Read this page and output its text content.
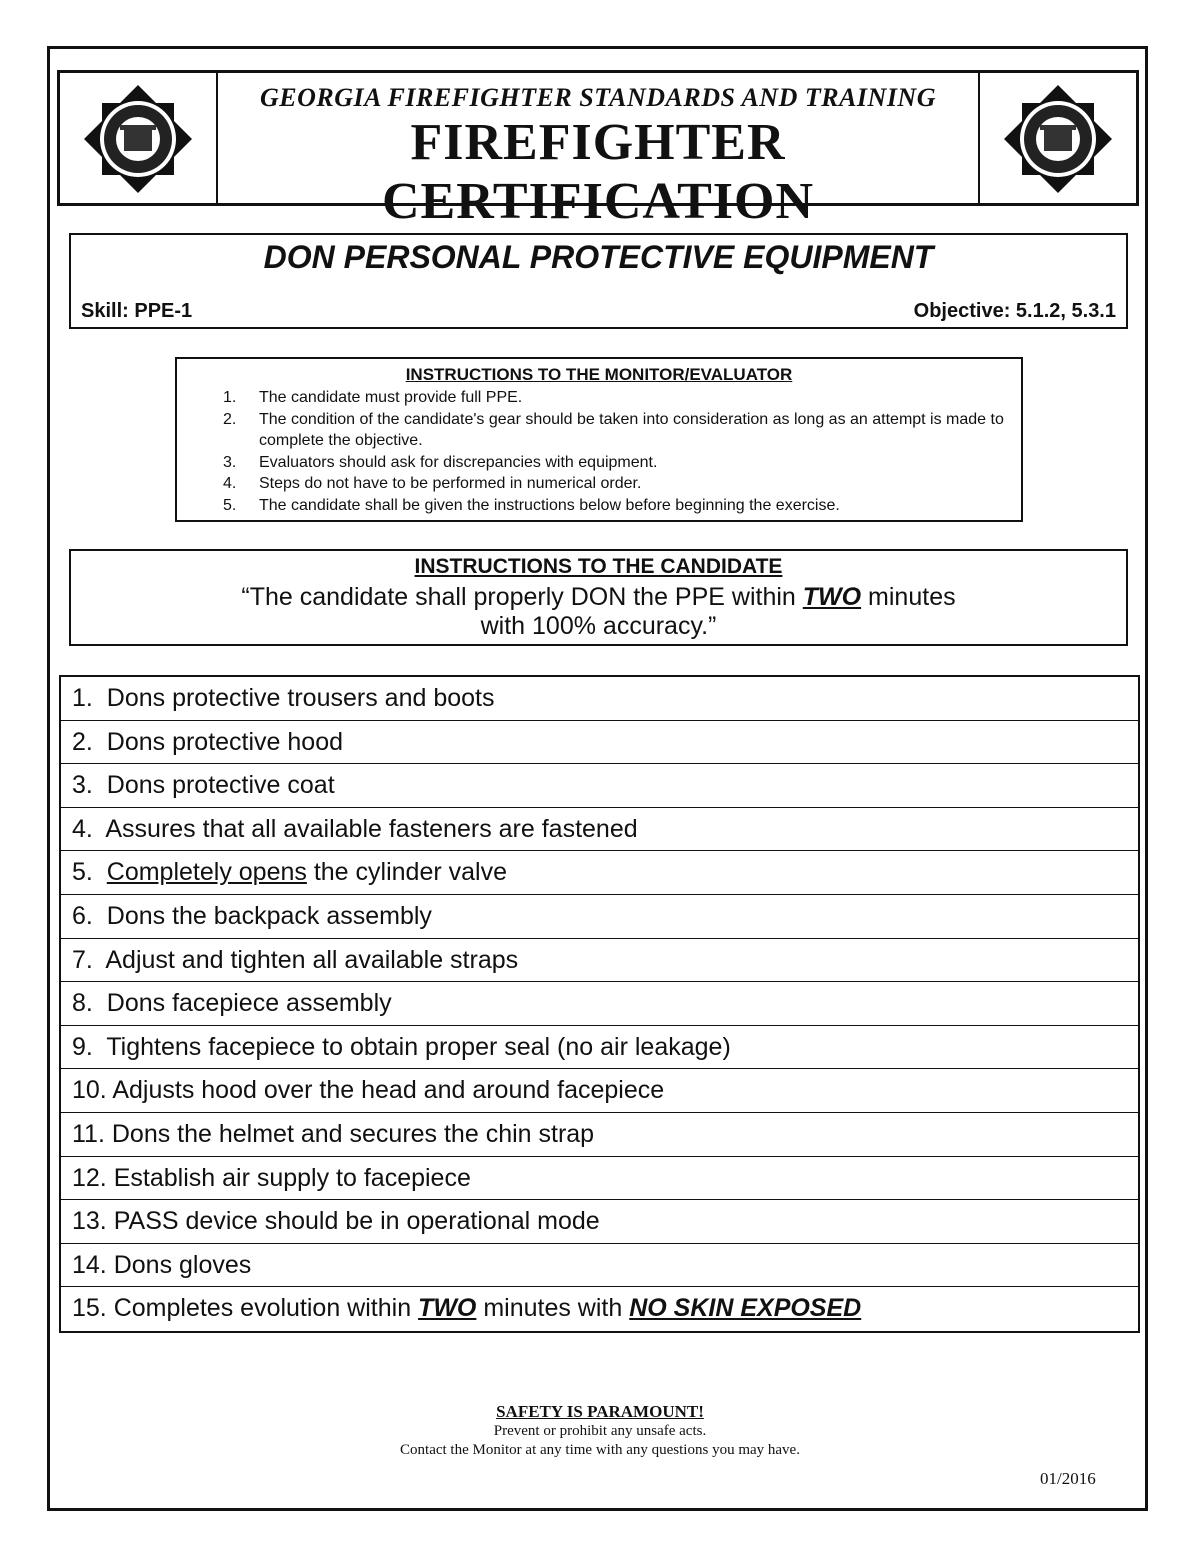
GEORGIA FIREFIGHTER STANDARDS AND TRAINING
FIREFIGHTER CERTIFICATION
DON PERSONAL PROTECTIVE EQUIPMENT
Skill: PPE-1	Objective: 5.1.2, 5.3.1
INSTRUCTIONS TO THE MONITOR/EVALUATOR
1. The candidate must provide full PPE.
2. The condition of the candidate's gear should be taken into consideration as long as an attempt is made to complete the objective.
3. Evaluators should ask for discrepancies with equipment.
4. Steps do not have to be performed in numerical order.
5. The candidate shall be given the instructions below before beginning the exercise.
INSTRUCTIONS TO THE CANDIDATE
“The candidate shall properly DON the PPE within TWO minutes
with 100% accuracy.”
1. Dons protective trousers and boots
2. Dons protective hood
3. Dons protective coat
4. Assures that all available fasteners are fastened
5. Completely opens the cylinder valve
6. Dons the backpack assembly
7. Adjust and tighten all available straps
8. Dons facepiece assembly
9. Tightens facepiece to obtain proper seal (no air leakage)
10. Adjusts hood over the head and around facepiece
11. Dons the helmet and secures the chin strap
12. Establish air supply to facepiece
13. PASS device should be in operational mode
14. Dons gloves
15. Completes evolution within TWO minutes with NO SKIN EXPOSED
SAFETY IS PARAMOUNT!
Prevent or prohibit any unsafe acts.
Contact the Monitor at any time with any questions you may have.
01/2016
